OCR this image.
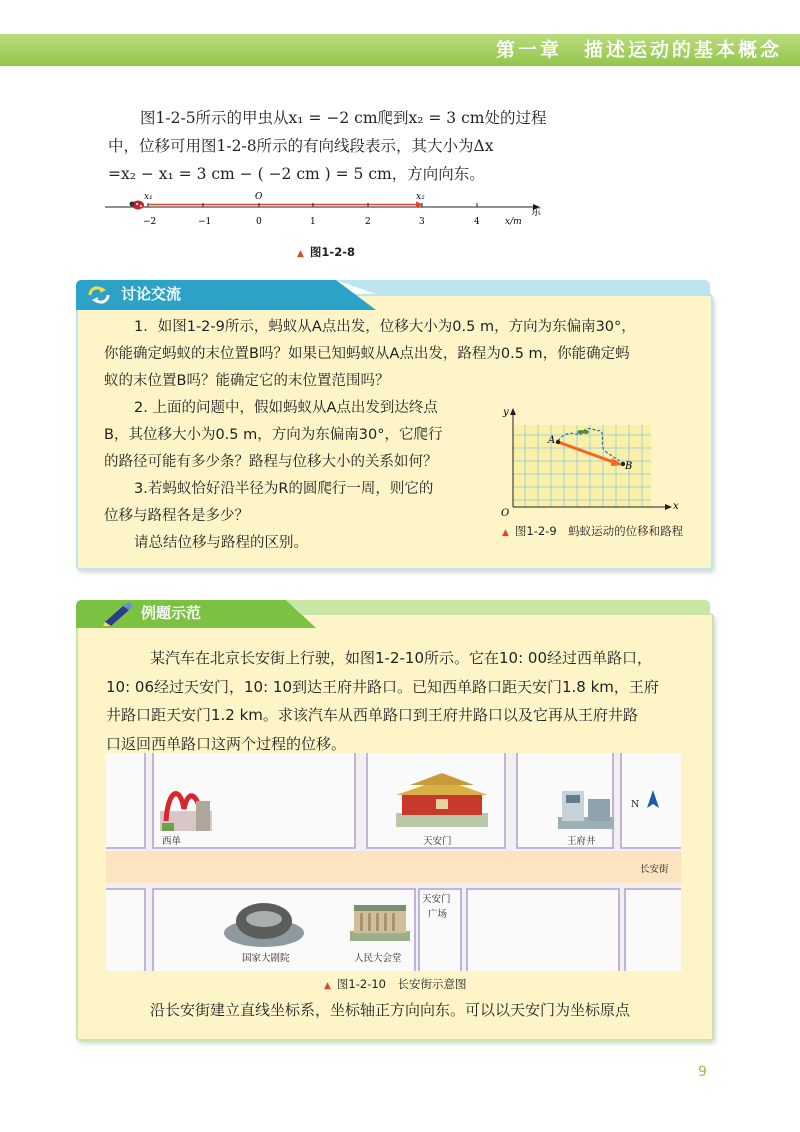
第一章　描述运动的基本概念
图1-2-5所示的甲虫从x₁ = −2 cm爬到x₂ = 3 cm处的过程
中，位移可用图1-2-8所示的有向线段表示，其大小为Δx
=x₂ − x₁ = 3 cm − ( −2 cm ) = 5 cm，方向向东。
x₁	O	x₂
东
x/m
−2	−1	0	1	2	3	4
▲ 图1-2-8
讨论交流
1．如图1-2-9所示，蚂蚁从A点出发，位移大小为0.5 m，方向为东偏南30°，
你能确定蚂蚁的末位置B吗？如果已知蚂蚁从A点出发，路程为0.5 m，你能确定蚂
蚁的末位置B吗？能确定它的末位置范围吗？
2. 上面的问题中，假如蚂蚁从A点出发到达终点
B，其位移大小为0.5 m，方向为东偏南30°，它爬行
的路径可能有多少条？路程与位移大小的关系如何？
3.若蚂蚁恰好沿半径为R的圆爬行一周，则它的
位移与路程各是多少？
请总结位移与路程的区别。
A
B
y
x
O
▲ 图1-2-9　蚂蚁运动的位移和路程
例题示范
某汽车在北京长安街上行驶，如图1-2-10所示。它在10: 00经过西单路口，
10: 06经过天安门，10: 10到达王府井路口。已知西单路口距天安门1.8 km，王府
井路口距天安门1.2 km。求该汽车从西单路口到王府井路口以及它再从王府井路
口返回西单路口这两个过程的位移。
N
西单	天安门	王府井
长安街
天安门
广场
国家大剧院	人民大会堂
▲ 图1-2-10　长安街示意图
沿长安街建立直线坐标系，坐标轴正方向向东。可以以天安门为坐标原点
9
